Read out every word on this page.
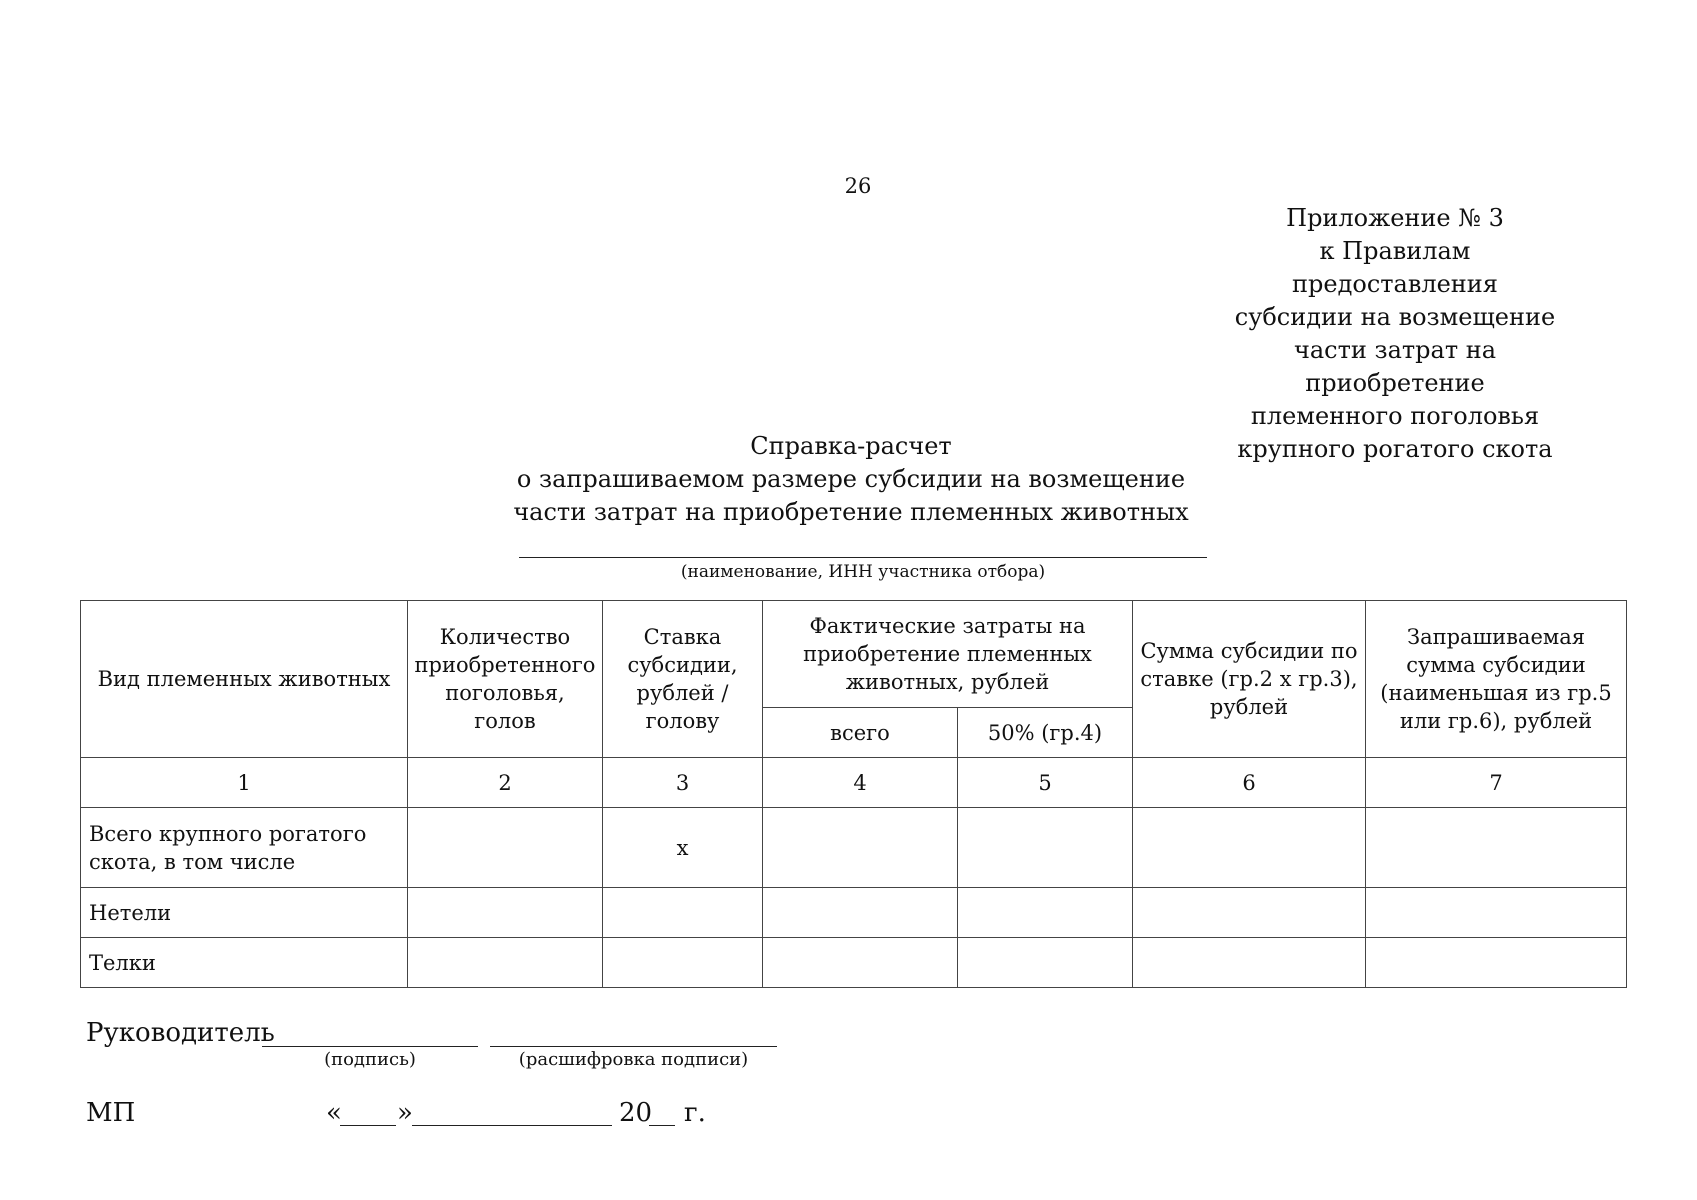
26
Приложение № 3
к Правилам предоставления
субсидии на возмещение
части затрат на приобретение
племенного поголовья
крупного рогатого скота
Справка-расчет
о запрашиваемом размере субсидии на возмещение
части затрат на приобретение племенных животных
(наименование, ИНН участника отбора)
Вид племенных животных	Количество приобретенного поголовья, голов	Ставка субсидии, рублей / голову	Фактические затраты на приобретение племенных животных, рублей		Сумма субсидии по ставке (гр.2 х гр.3), рублей	Запрашиваемая сумма субсидии (наименьшая из гр.5 или гр.6), рублей
			всего	50% (гр.4)		
1	2	3	4	5	6	7
Всего крупного рогатого скота, в том числе		х				
Нетели						
Телки						
Руководитель
(подпись)	(расшифровка подписи)
МП	« »	20 г.
